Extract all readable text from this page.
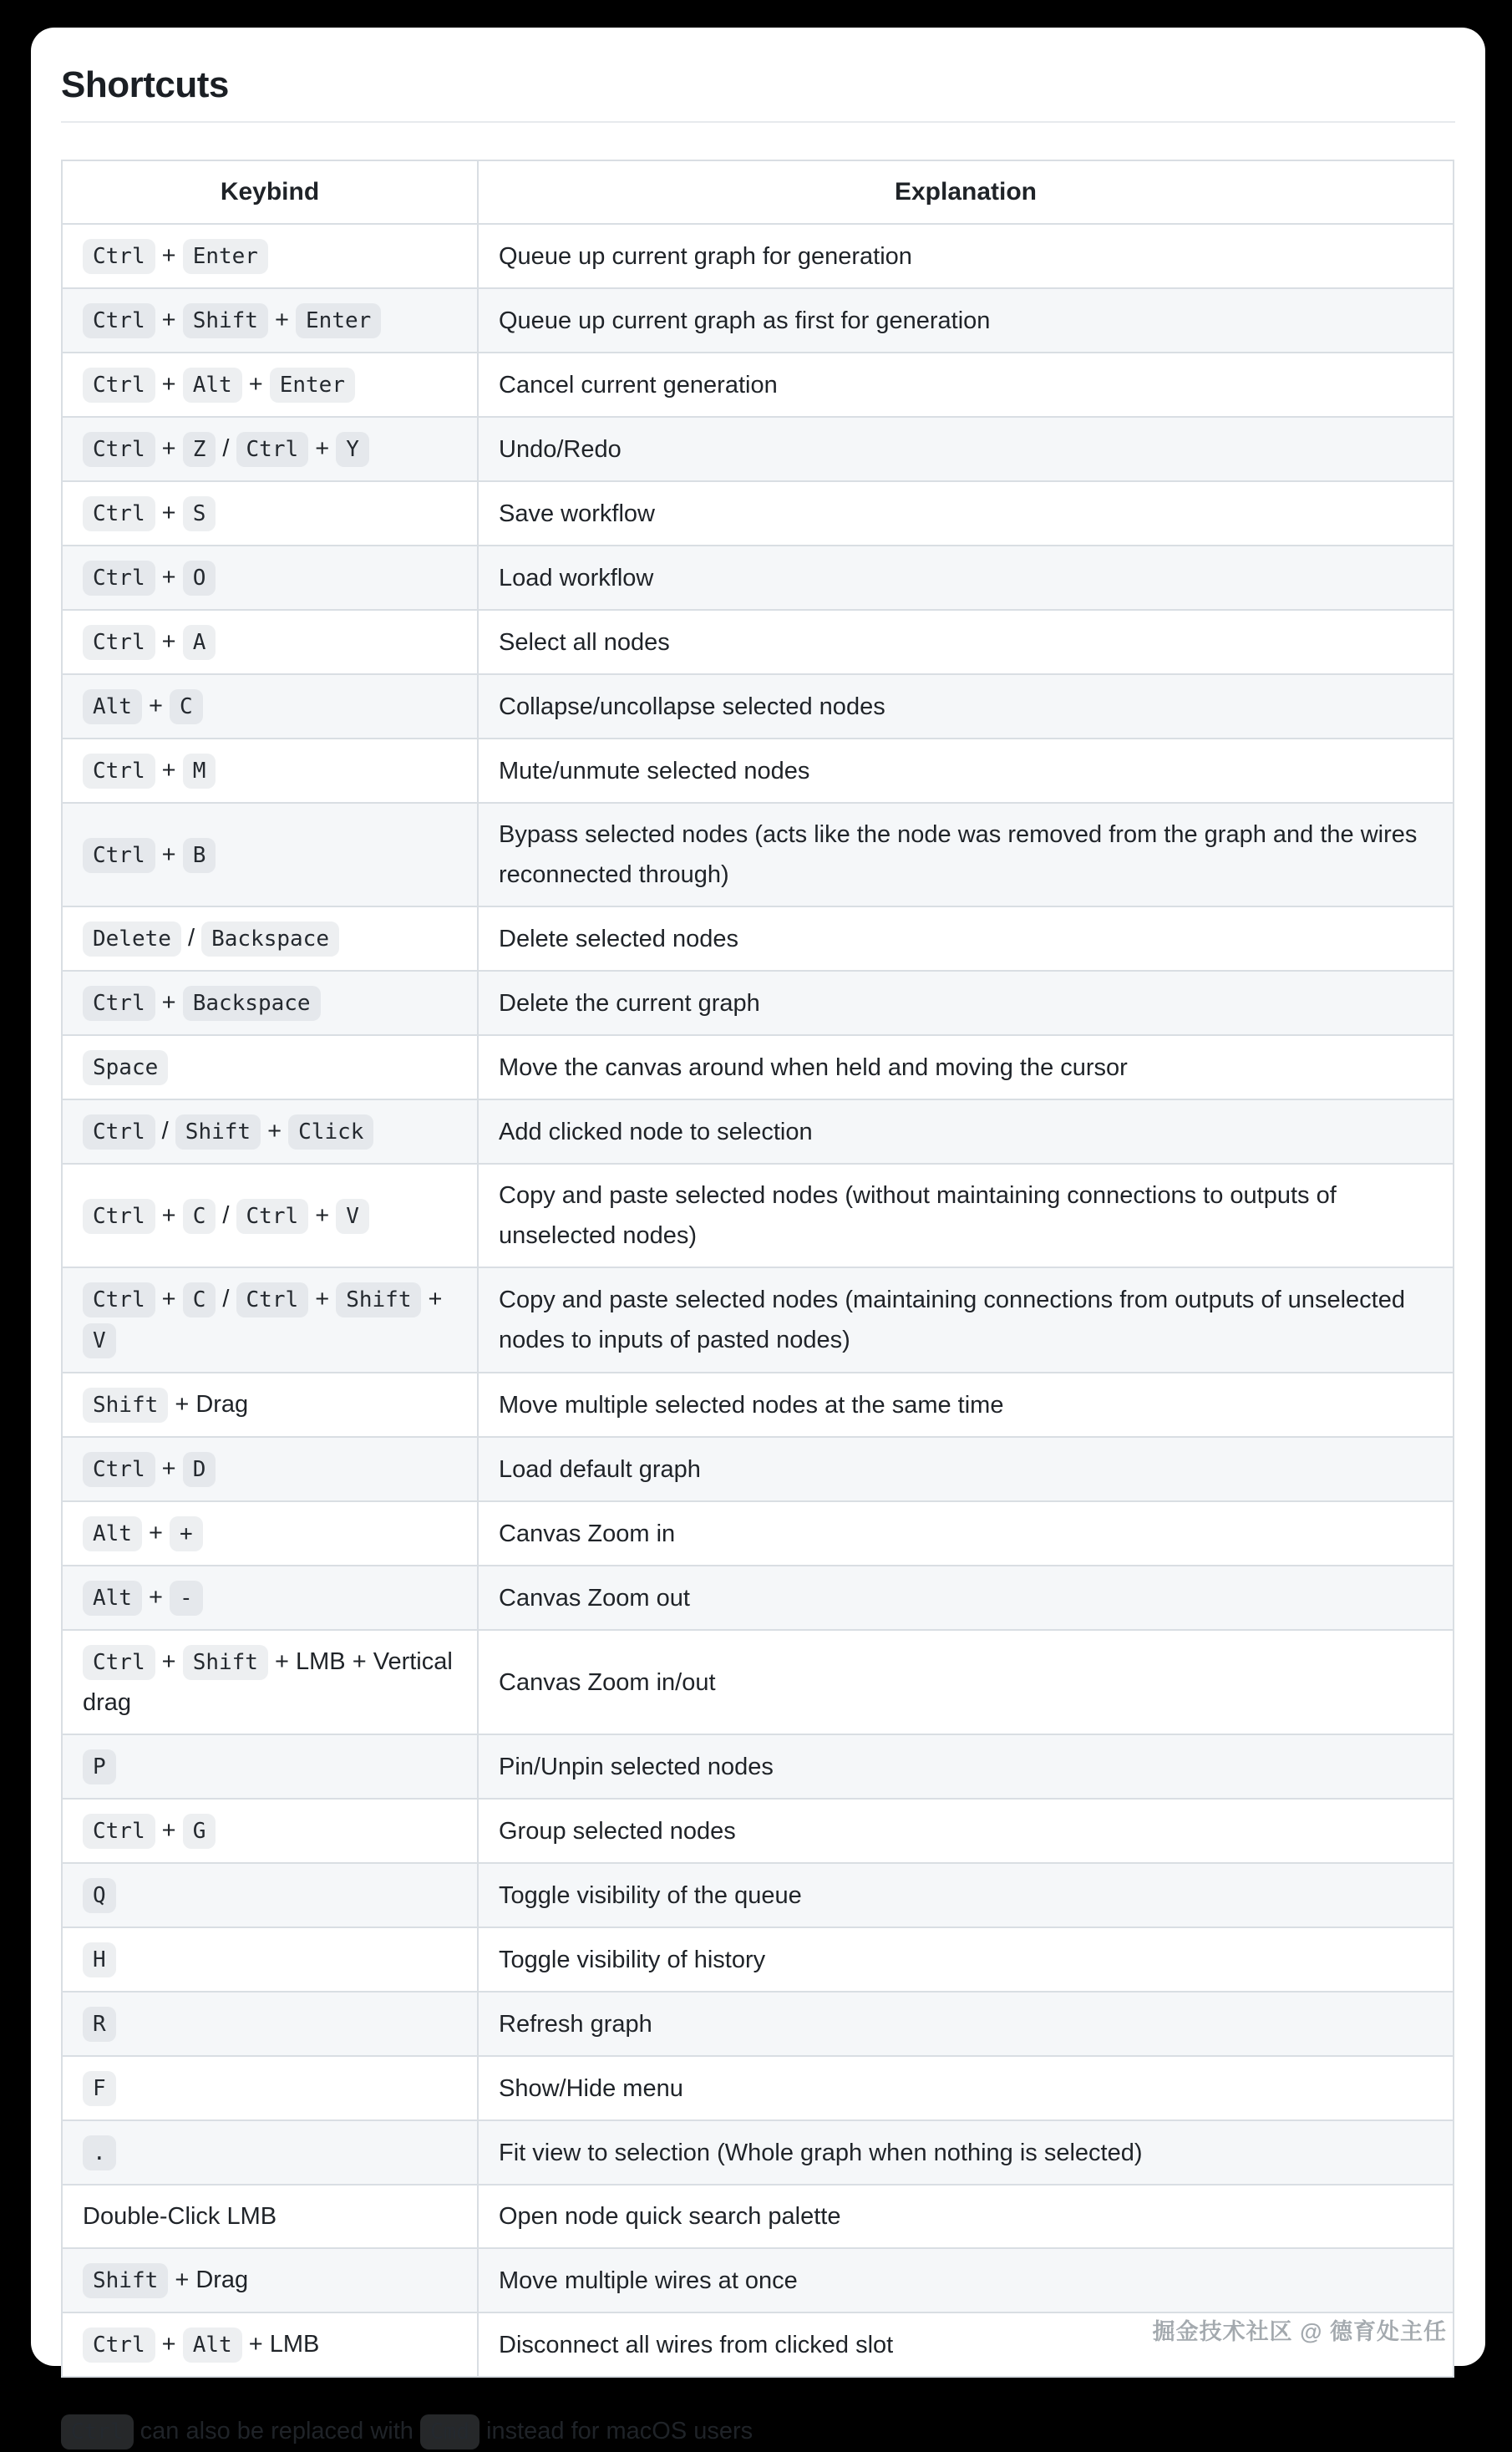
Shortcuts
Keybind	Explanation
Ctrl + Enter	Queue up current graph for generation
Ctrl + Shift + Enter	Queue up current graph as first for generation
Ctrl + Alt + Enter	Cancel current generation
Ctrl + Z / Ctrl + Y	Undo/Redo
Ctrl + S	Save workflow
Ctrl + O	Load workflow
Ctrl + A	Select all nodes
Alt + C	Collapse/uncollapse selected nodes
Ctrl + M	Mute/unmute selected nodes
Ctrl + B	Bypass selected nodes (acts like the node was removed from the graph and the wires reconnected through)
Delete / Backspace	Delete selected nodes
Ctrl + Backspace	Delete the current graph
Space	Move the canvas around when held and moving the cursor
Ctrl / Shift + Click	Add clicked node to selection
Ctrl + C / Ctrl + V	Copy and paste selected nodes (without maintaining connections to outputs of unselected nodes)
Ctrl + C / Ctrl + Shift + V	Copy and paste selected nodes (maintaining connections from outputs of unselected nodes to inputs of pasted nodes)
Shift + Drag	Move multiple selected nodes at the same time
Ctrl + D	Load default graph
Alt + +	Canvas Zoom in
Alt + -	Canvas Zoom out
Ctrl + Shift + LMB + Vertical drag	Canvas Zoom in/out
P	Pin/Unpin selected nodes
Ctrl + G	Group selected nodes
Q	Toggle visibility of the queue
H	Toggle visibility of history
R	Refresh graph
F	Show/Hide menu
.	Fit view to selection (Whole graph when nothing is selected)
Double-Click LMB	Open node quick search palette
Shift + Drag	Move multiple wires at once
Ctrl + Alt + LMB	Disconnect all wires from clicked slot

Ctrl can also be replaced with Cmd instead for macOS users

掘金技术社区 @ 德育处主任
